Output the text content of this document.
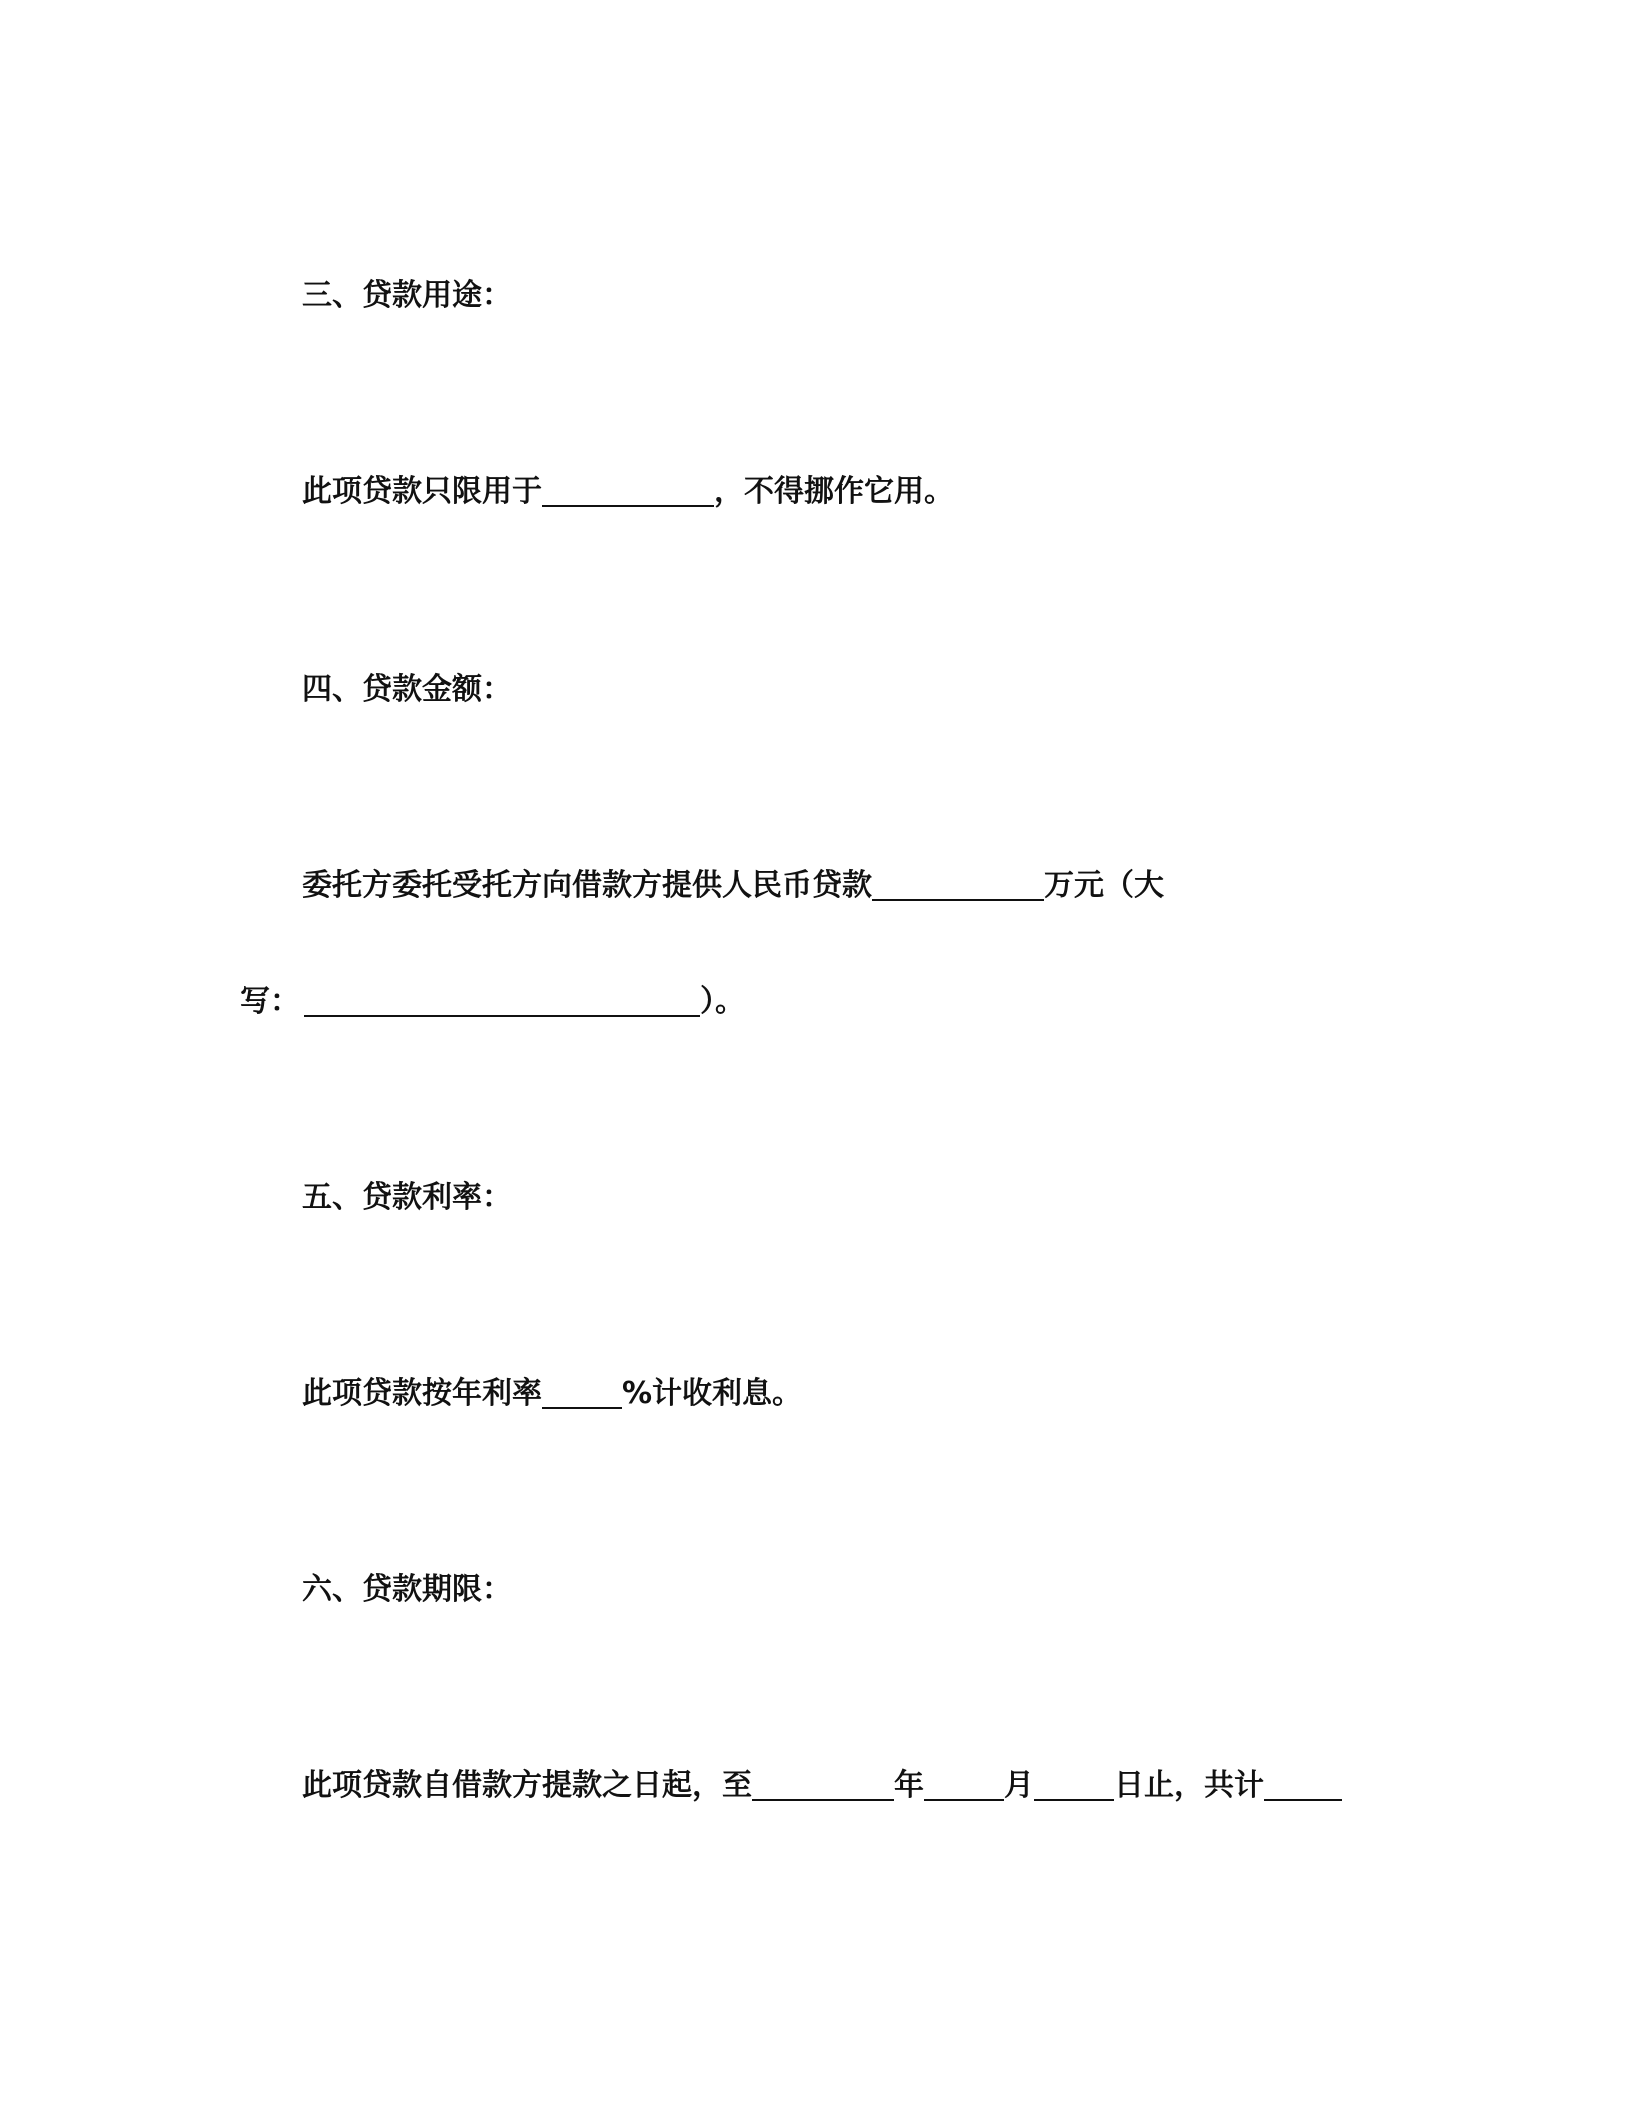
三、贷款用途：
此项贷款只限用于	，不得挪作它用。
四、贷款金额：
委托方委托受托方向借款方提供人民币贷款	万元（大
写：	）。
五、贷款利率：
此项贷款按年利率	%计收利息。
六、贷款期限：
此项贷款自借款方提款之日起，至	年	月	日止，共计
